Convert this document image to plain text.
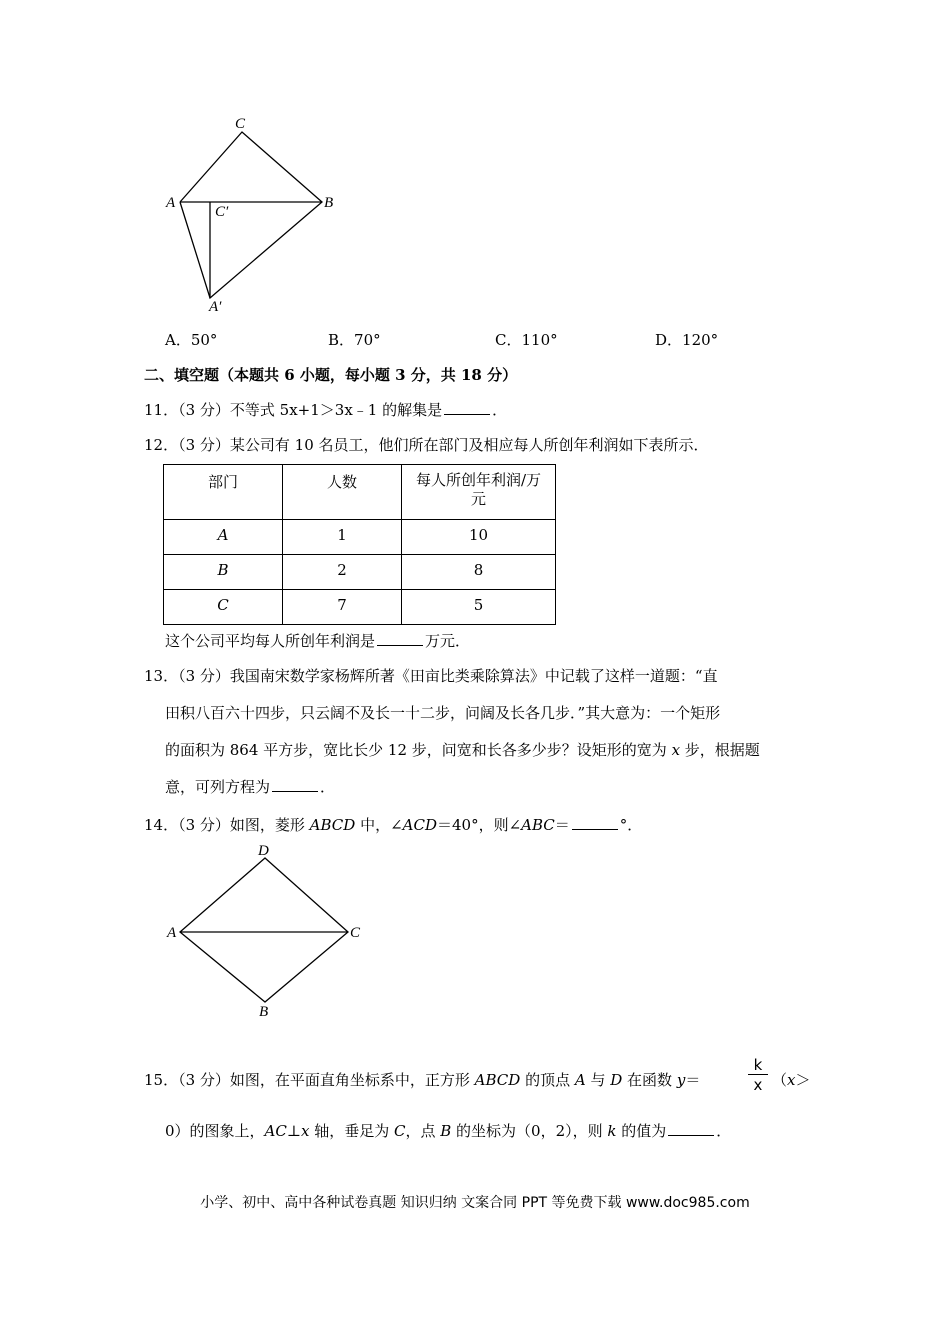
C
A	B
C′
A′
A．50°	B．70°	C．110°	D．120°
二、填空题（本题共 6 小题，每小题 3 分，共 18 分）
11．（3 分）不等式 5x+1＞3x﹣1 的解集是	．
12．（3 分）某公司有 10 名员工，他们所在部门及相应每人所创年利润如下表所示．
部门	人数	每人所创年利润/万
元
A	1	10
B	2	8
C	7	5
这个公司平均每人所创年利润是	万元．
13．（3 分）我国南宋数学家杨辉所著《田亩比类乘除算法》中记载了这样一道题：“直
田积八百六十四步，只云阔不及长一十二步，问阔及长各几步．”其大意为：一个矩形
的面积为 864 平方步，宽比长少 12 步，问宽和长各多少步？设矩形的宽为 x 步，根据题
意，可列方程为	．
14．（3 分）如图，菱形 ABCD 中，∠ACD＝40°，则∠ABC＝	°．
D
A	C
B
15．（3 分）如图，在平面直角坐标系中，正方形 ABCD 的顶点 A 与 D 在函数 y＝
k
x （x＞
0）的图象上，AC⊥x 轴，垂足为 C，点 B 的坐标为（0，2），则 k 的值为	．
小学、初中、高中各种试卷真题 知识归纳 文案合同 PPT 等免费下载 www.doc985.com
